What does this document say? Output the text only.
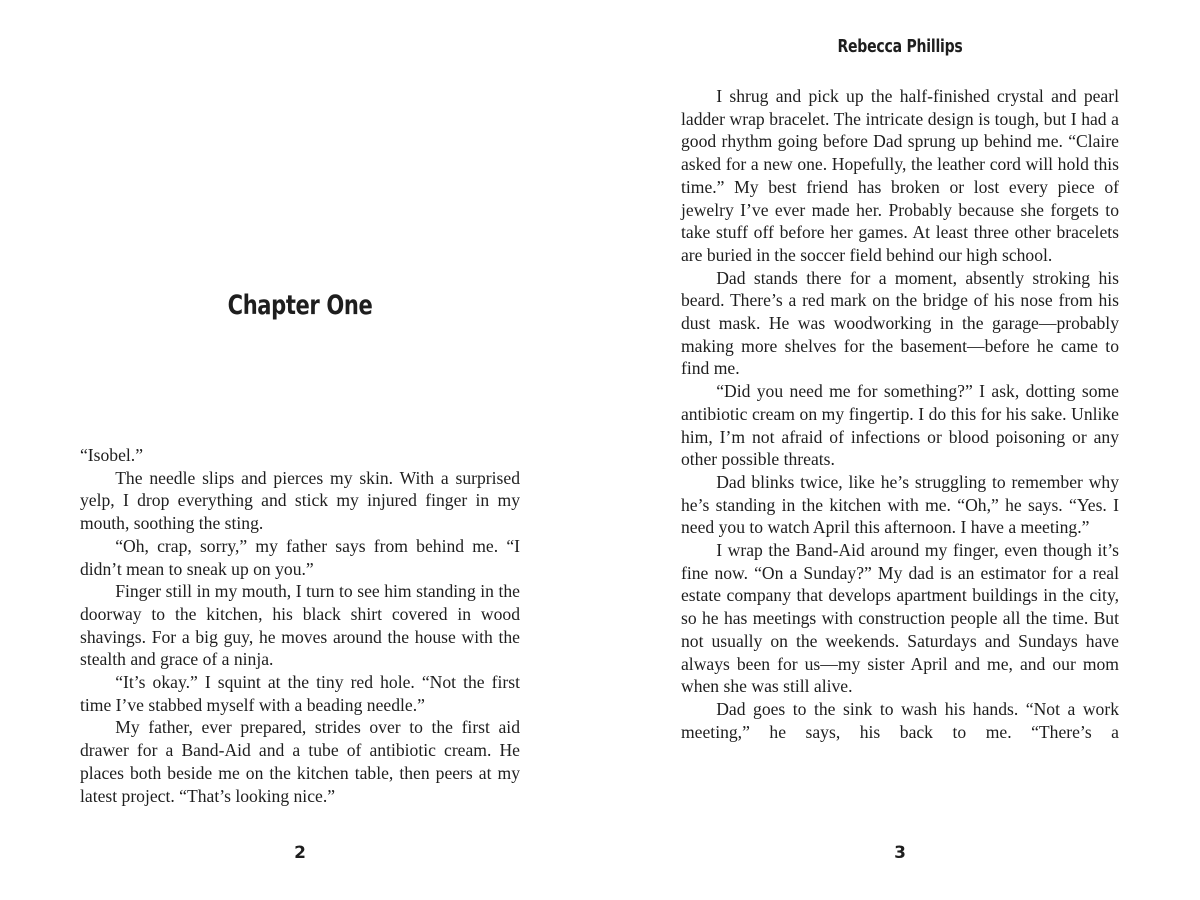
Chapter One

“Isobel.”

The needle slips and pierces my skin. With a surprised yelp, I drop everything and stick my injured finger in my mouth, soothing the sting.

“Oh, crap, sorry,” my father says from behind me. “I didn’t mean to sneak up on you.”

Finger still in my mouth, I turn to see him standing in the doorway to the kitchen, his black shirt covered in wood shavings. For a big guy, he moves around the house with the stealth and grace of a ninja.

“It’s okay.” I squint at the tiny red hole. “Not the first time I’ve stabbed myself with a beading needle.”

My father, ever prepared, strides over to the first aid drawer for a Band-Aid and a tube of antibiotic cream. He places both beside me on the kitchen table, then peers at my latest project. “That’s looking nice.”

2
Rebecca Phillips

I shrug and pick up the half-finished crystal and pearl ladder wrap bracelet. The intricate design is tough, but I had a good rhythm going before Dad sprung up behind me. “Claire asked for a new one. Hopefully, the leather cord will hold this time.” My best friend has broken or lost every piece of jewelry I’ve ever made her. Probably because she forgets to take stuff off before her games. At least three other bracelets are buried in the soccer field behind our high school.

Dad stands there for a moment, absently stroking his beard. There’s a red mark on the bridge of his nose from his dust mask. He was woodworking in the garage—probably making more shelves for the basement—before he came to find me.

“Did you need me for something?” I ask, dotting some antibiotic cream on my fingertip. I do this for his sake. Unlike him, I’m not afraid of infections or blood poisoning or any other possible threats.

Dad blinks twice, like he’s struggling to remember why he’s standing in the kitchen with me. “Oh,” he says. “Yes. I need you to watch April this afternoon. I have a meeting.”

I wrap the Band-Aid around my finger, even though it’s fine now. “On a Sunday?” My dad is an estimator for a real estate company that develops apartment buildings in the city, so he has meetings with construction people all the time. But not usually on the weekends. Saturdays and Sundays have always been for us—my sister April and me, and our mom when she was still alive.

Dad goes to the sink to wash his hands. “Not a work meeting,” he says, his back to me. “There’s a

3
